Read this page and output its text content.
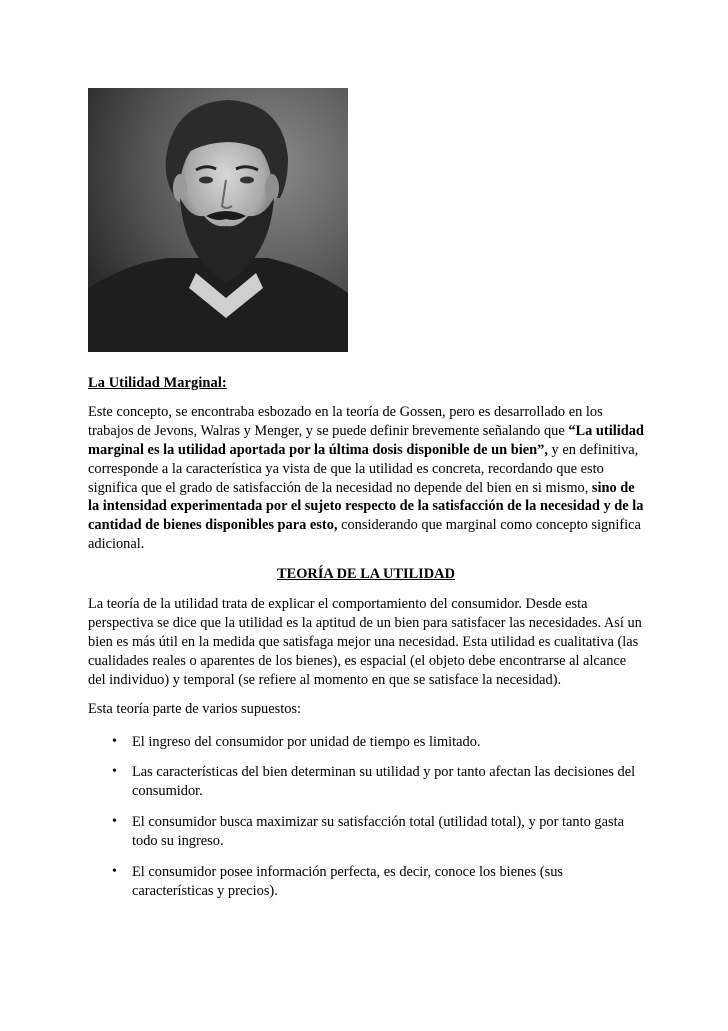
La Utilidad Marginal:

Este concepto, se encontraba esbozado en la teoría de Gossen, pero es desarrollado en los trabajos de Jevons, Walras y Menger, y se puede definir brevemente señalando que “La utilidad marginal es la utilidad aportada por la última dosis disponible de un bien”, y en definitiva, corresponde a la característica ya vista de que la utilidad es concreta, recordando que esto significa que el grado de satisfacción de la necesidad no depende del bien en si mismo, sino de la intensidad experimentada por el sujeto respecto de la satisfacción de la necesidad y de la cantidad de bienes disponibles para esto, considerando que marginal como concepto significa adicional.

TEORÍA DE LA UTILIDAD

La teoría de la utilidad trata de explicar el comportamiento del consumidor. Desde esta perspectiva se dice que la utilidad es la aptitud de un bien para satisfacer las necesidades. Así un bien es más útil en la medida que satisfaga mejor una necesidad. Esta utilidad es cualitativa (las cualidades reales o aparentes de los bienes), es espacial (el objeto debe encontrarse al alcance del individuo) y temporal (se refiere al momento en que se satisface la necesidad).

Esta teoría parte de varios supuestos:

• El ingreso del consumidor por unidad de tiempo es limitado.
• Las características del bien determinan su utilidad y por tanto afectan las decisiones del consumidor.
• El consumidor busca maximizar su satisfacción total (utilidad total), y por tanto gasta todo su ingreso.
• El consumidor posee información perfecta, es decir, conoce los bienes (sus características y precios).
